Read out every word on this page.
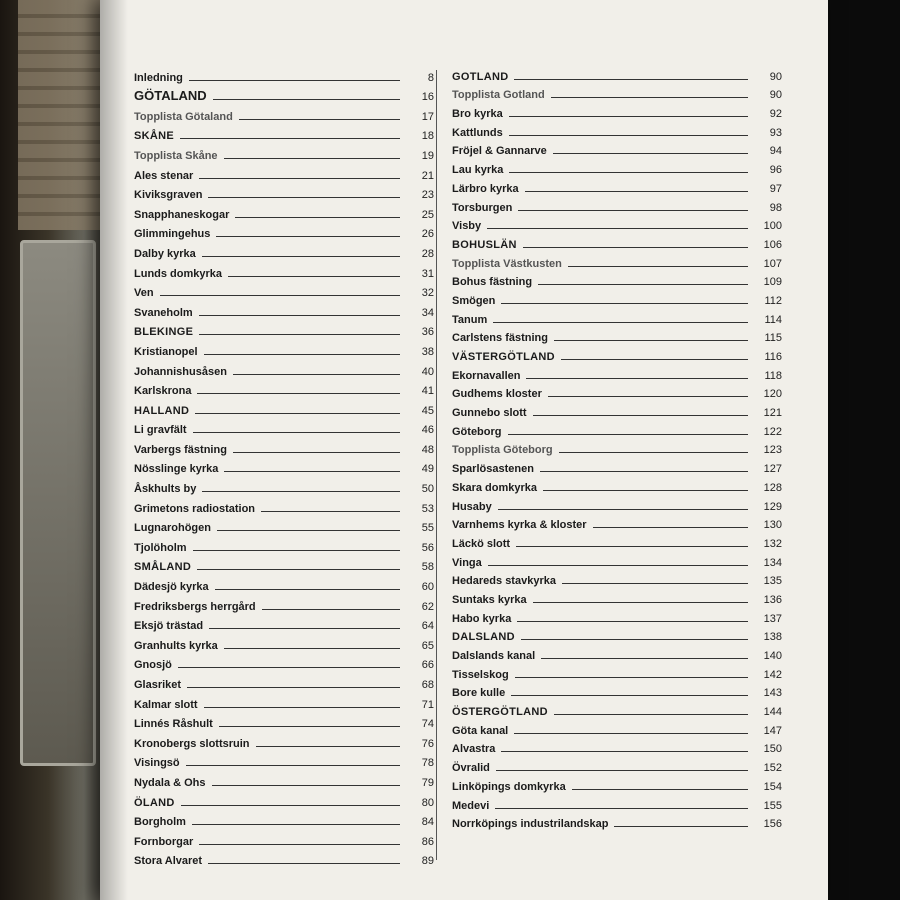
Inledning	8
GÖTALAND	16
Topplista Götaland	17
SKÅNE	18
Topplista Skåne	19
Ales stenar	21
Kiviksgraven	23
Snapphaneskogar	25
Glimmingehus	26
Dalby kyrka	28
Lunds domkyrka	31
Ven	32
Svaneholm	34
BLEKINGE	36
Kristianopel	38
Johannishusåsen	40
Karlskrona	41
HALLAND	45
Li gravfält	46
Varbergs fästning	48
Nösslinge kyrka	49
Åskhults by	50
Grimetons radiostation	53
Lugnarohögen	55
Tjolöholm	56
SMÅLAND	58
Dädesjö kyrka	60
Fredriksbergs herrgård	62
Eksjö trästad	64
Granhults kyrka	65
Gnosjö	66
Glasriket	68
Kalmar slott	71
Linnés Råshult	74
Kronobergs slottsruin	76
Visingsö	78
Nydala & Ohs	79
ÖLAND	80
Borgholm	84
Fornborgar	86
Stora Alvaret	89
GOTLAND	90
Topplista Gotland	90
Bro kyrka	92
Kattlunds	93
Fröjel & Gannarve	94
Lau kyrka	96
Lärbro kyrka	97
Torsburgen	98
Visby	100
BOHUSLÄN	106
Topplista Västkusten	107
Bohus fästning	109
Smögen	112
Tanum	114
Carlstens fästning	115
VÄSTERGÖTLAND	116
Ekornavallen	118
Gudhems kloster	120
Gunnebo slott	121
Göteborg	122
Topplista Göteborg	123
Sparlösastenen	127
Skara domkyrka	128
Husaby	129
Varnhems kyrka & kloster	130
Läckö slott	132
Vinga	134
Hedareds stavkyrka	135
Suntaks kyrka	136
Habo kyrka	137
DALSLAND	138
Dalslands kanal	140
Tisselskog	142
Bore kulle	143
ÖSTERGÖTLAND	144
Göta kanal	147
Alvastra	150
Övralid	152
Linköpings domkyrka	154
Medevi	155
Norrköpings industrilandskap	156
